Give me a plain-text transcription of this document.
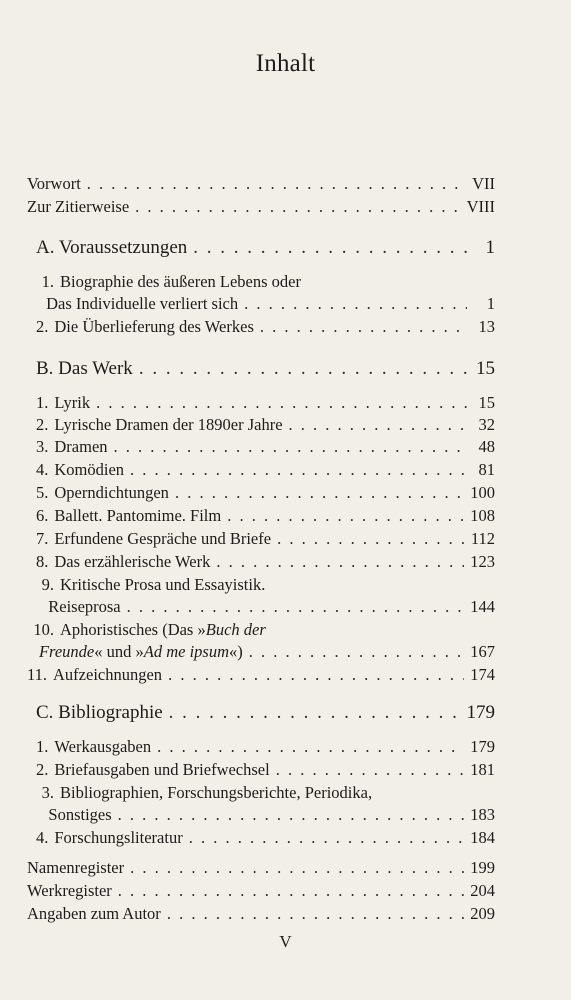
Inhalt
Vorwort . . .	VII
Zur Zitierweise . . .	VIII
A. Voraussetzungen . . .	1
1. Biographie des äußeren Lebens oder
Das Individuelle verliert sich . . .	1
2. Die Überlieferung des Werkes . . .	13
B. Das Werk . . .	15
1. Lyrik . . .	15
2. Lyrische Dramen der 1890er Jahre . . .	32
3. Dramen . . .	48
4. Komödien . . .	81
5. Operndichtungen . . .	100
6. Ballett. Pantomime. Film . . .	108
7. Erfundene Gespräche und Briefe . . .	112
8. Das erzählerische Werk . . .	123
9. Kritische Prosa und Essayistik.
Reiseprosa . . .	144
10. Aphoristisches (Das »Buch der
Freunde« und »Ad me ipsum«) . . .	167
11. Aufzeichnungen . . .	174
C. Bibliographie . . .	179
1. Werkausgaben . . .	179
2. Briefausgaben und Briefwechsel . . .	181
3. Bibliographien, Forschungsberichte, Periodika,
Sonstiges . . .	183
4. Forschungsliteratur . . .	184
Namenregister . . .	199
Werkregister . . .	204
Angaben zum Autor . . .	209
V
